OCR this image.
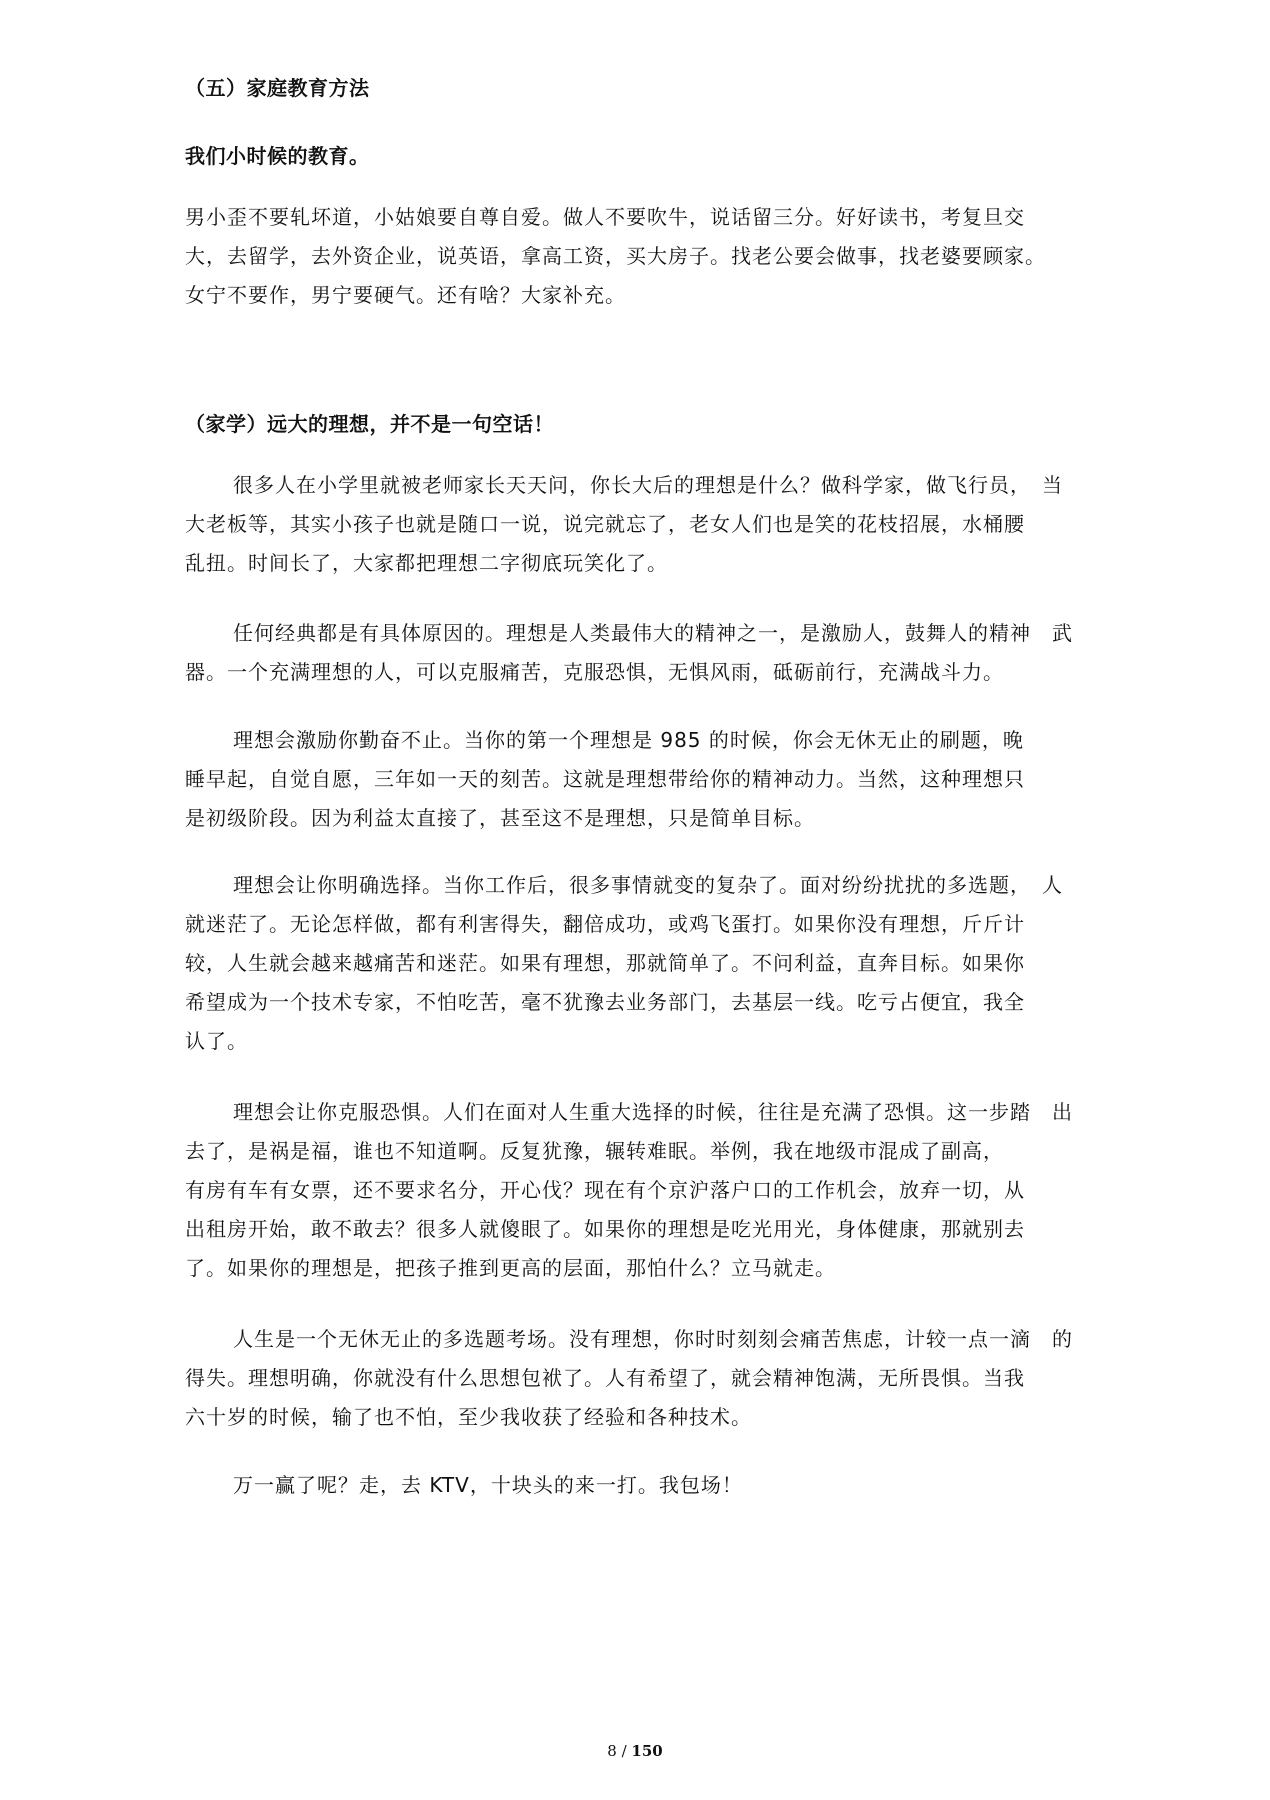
（五）家庭教育方法
我们小时候的教育。
男小歪不要轧坏道，小姑娘要自尊自爱。做人不要吹牛，说话留三分。好好读书，考复旦交
大，去留学，去外资企业，说英语，拿高工资，买大房子。找老公要会做事，找老婆要顾家。
女宁不要作，男宁要硬气。还有啥？大家补充。
（家学）远大的理想，并不是一句空话！
很多人在小学里就被老师家长天天问，你长大后的理想是什么？做科学家，做飞行员，　当
大老板等，其实小孩子也就是随口一说，说完就忘了，老女人们也是笑的花枝招展，水桶腰
乱扭。时间长了，大家都把理想二字彻底玩笑化了。
任何经典都是有具体原因的。理想是人类最伟大的精神之一，是激励人，鼓舞人的精神　武
器。一个充满理想的人，可以克服痛苦，克服恐惧，无惧风雨，砥砺前行，充满战斗力。
理想会激励你勤奋不止。当你的第一个理想是 985 的时候，你会无休无止的刷题，晚
睡早起，自觉自愿，三年如一天的刻苦。这就是理想带给你的精神动力。当然，这种理想只
是初级阶段。因为利益太直接了，甚至这不是理想，只是简单目标。
理想会让你明确选择。当你工作后，很多事情就变的复杂了。面对纷纷扰扰的多选题，　人
就迷茫了。无论怎样做，都有利害得失，翻倍成功，或鸡飞蛋打。如果你没有理想，斤斤计
较，人生就会越来越痛苦和迷茫。如果有理想，那就简单了。不问利益，直奔目标。如果你
希望成为一个技术专家，不怕吃苦，毫不犹豫去业务部门，去基层一线。吃亏占便宜，我全
认了。
理想会让你克服恐惧。人们在面对人生重大选择的时候，往往是充满了恐惧。这一步踏　出
去了，是祸是福，谁也不知道啊。反复犹豫，辗转难眠。举例，我在地级市混成了副高，
有房有车有女票，还不要求名分，开心伐？现在有个京沪落户口的工作机会，放弃一切，从
出租房开始，敢不敢去？很多人就傻眼了。如果你的理想是吃光用光，身体健康，那就别去
了。如果你的理想是，把孩子推到更高的层面，那怕什么？立马就走。
人生是一个无休无止的多选题考场。没有理想，你时时刻刻会痛苦焦虑，计较一点一滴　的
得失。理想明确，你就没有什么思想包袱了。人有希望了，就会精神饱满，无所畏惧。当我
六十岁的时候，输了也不怕，至少我收获了经验和各种技术。
万一赢了呢？走，去 KTV，十块头的来一打。我包场！
8 / 150
